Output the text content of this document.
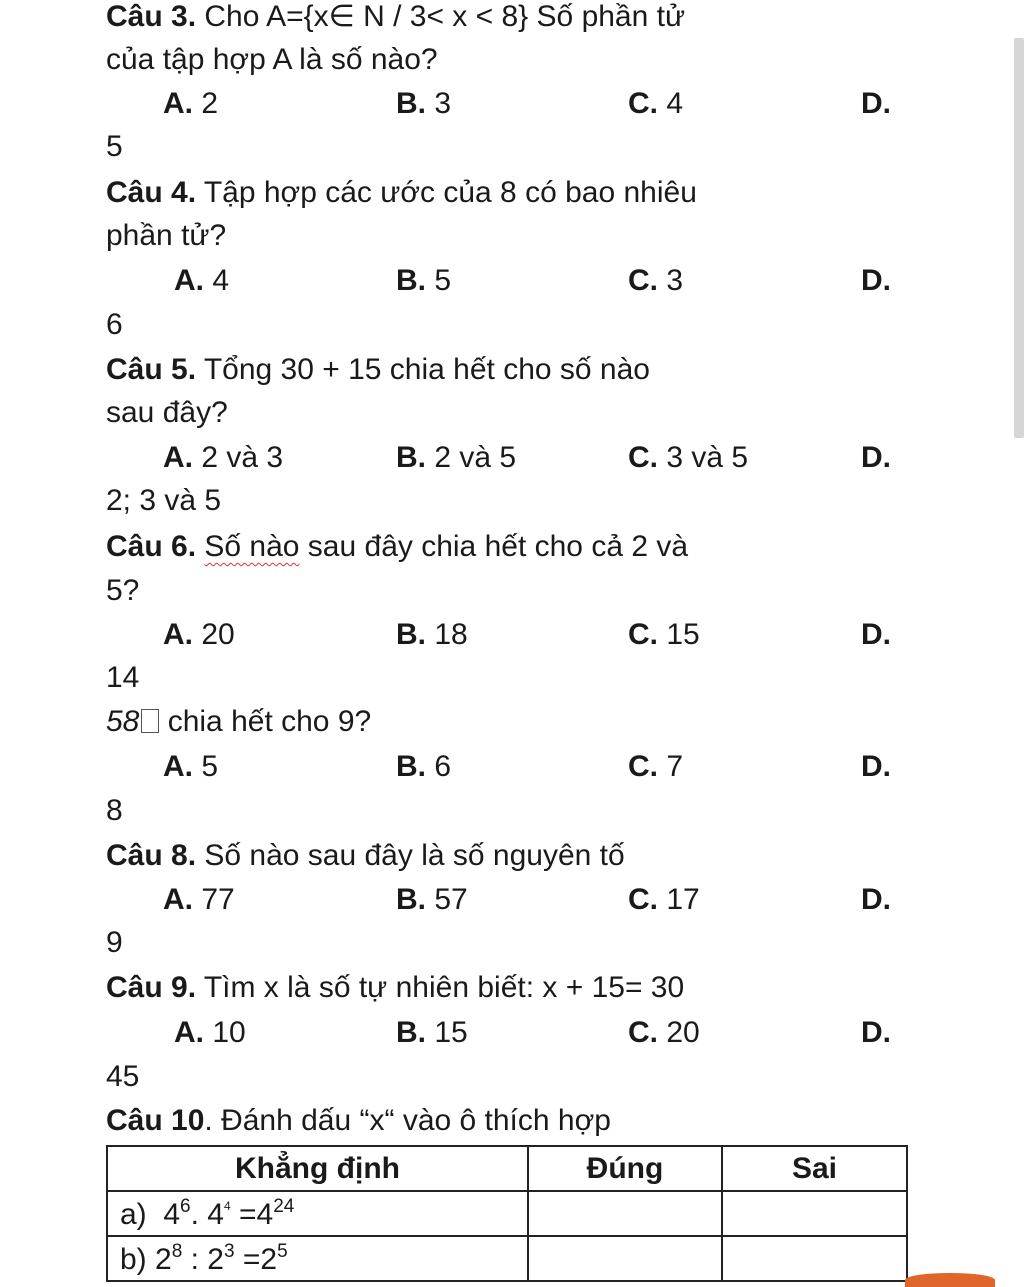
Câu 3. Cho A={x∈ N / 3< x < 8} Số phần tử
của tập hợp A là số nào?
A. 2	B. 3	C. 4	D.
5
Câu 4. Tập hợp các ước của 8 có bao nhiêu
phần tử?
A. 4	B. 5	C. 3	D.
6
Câu 5. Tổng 30 + 15 chia hết cho số nào
sau đây?
A. 2 và 3	B. 2 và 5	C. 3 và 5	D.
2; 3 và 5
Câu 6. Số nào sau đây chia hết cho cả 2 và
5?
A. 20	B. 18	C. 15	D.
14
58 chia hết cho 9?
A. 5	B. 6	C. 7	D.
8
Câu 8. Số nào sau đây là số nguyên tố
A. 77	B. 57	C. 17	D.
9
Câu 9. Tìm x là số tự nhiên biết: x + 15= 30
A. 10	B. 15	C. 20	D.
45
Câu 10. Đánh dấu “x“ vào ô thích hợp
Khẳng định	Đúng	Sai
a) $4^6$. $4^4 =4^{24}$		
b) $2^8$ : $2^3 =2^5$		
